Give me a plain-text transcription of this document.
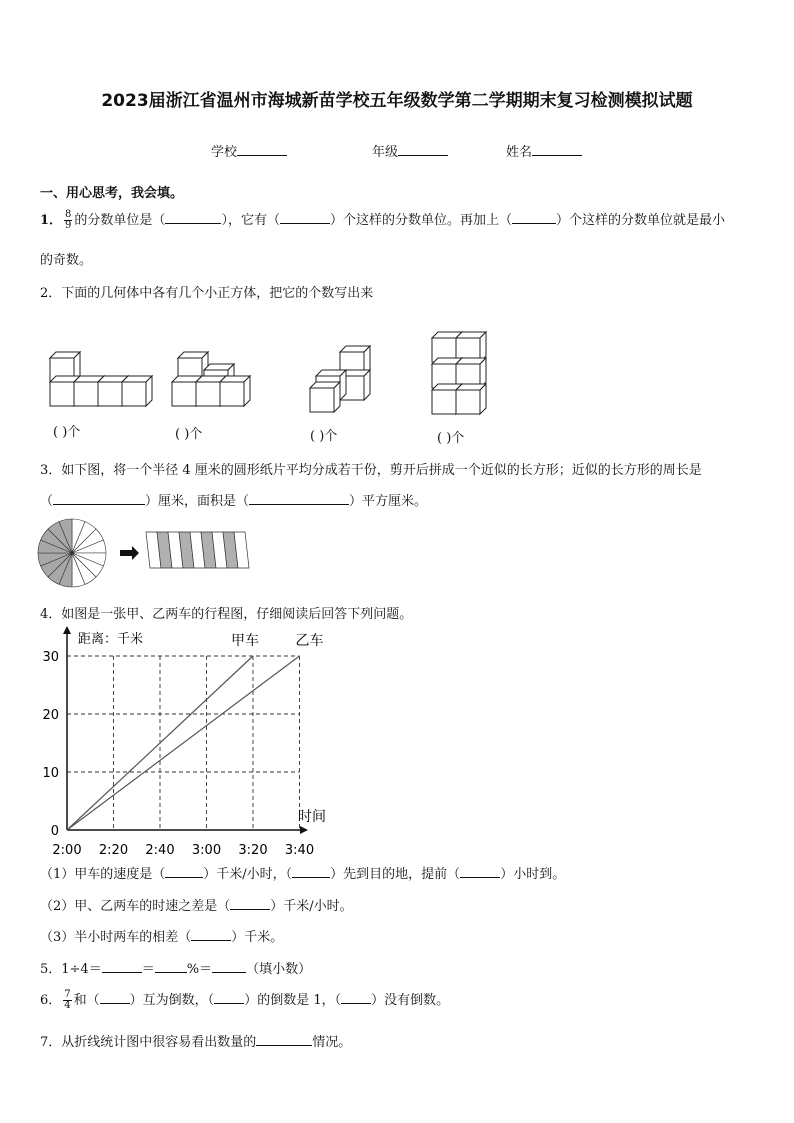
2023届浙江省温州市海城新苗学校五年级数学第二学期期末复习检测模拟试题
学校	年级	姓名
一、用心思考，我会填。
1． $\frac{8}{9}$ 的分数单位是（	），它有（	）个这样的分数单位。再加上（	）个这样的分数单位就是最小
的奇数。
2．下面的几何体中各有几个小正方体，把它的个数写出来
( )个	( )个	( )个	( )个
3．如下图，将一个半径 4 厘米的圆形纸片平均分成若干份，剪开后拼成一个近似的长方形；近似的长方形的周长是
（	）厘米，面积是（	）平方厘米。
4．如图是一张甲、乙两车的行程图，仔细阅读后回答下列问题。
距离：千米
时间
0
10
20
30
2:00 2:20 2:40 3:00 3:20 3:40
甲车	乙车
（1）甲车的速度是（	）千米/小时，（	）先到目的地，提前（	）小时到。
（2）甲、乙两车的时速之差是（	）千米/小时。
（3）半小时两车的相差（	）千米。
5．1÷4＝	＝ %＝	（填小数）
6． $\frac{7}{4}$ 和（ ）互为倒数，（ ）的倒数是 1，（ ）没有倒数。
7．从折线统计图中很容易看出数量的	情况。
